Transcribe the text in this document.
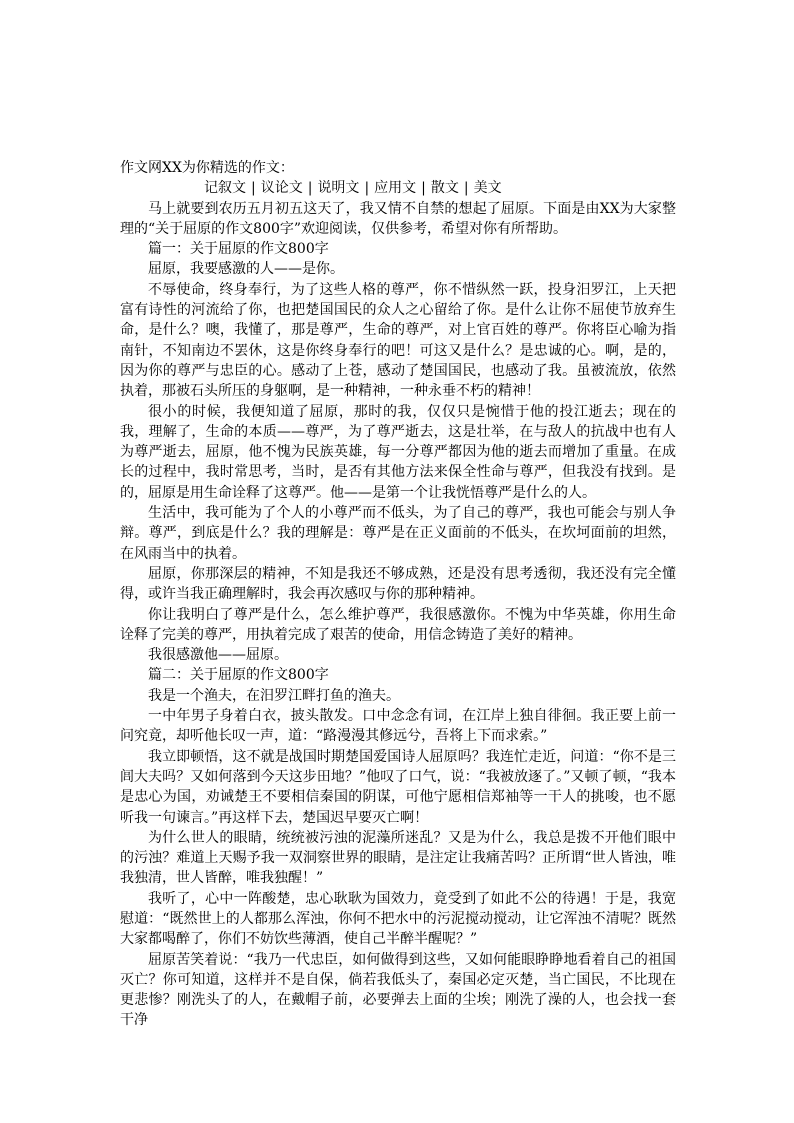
作文网XX为你精选的作文：

记叙文 | 议论文 | 说明文 | 应用文 | 散文 | 美文

马上就要到农历五月初五这天了，我又情不自禁的想起了屈原。下面是由XX为大家整理的“关于屈原的作文800字”欢迎阅读，仅供参考，希望对你有所帮助。

篇一：关于屈原的作文800字

屈原，我要感激的人——是你。

不辱使命，终身奉行，为了这些人格的尊严，你不惜纵然一跃，投身汨罗江，上天把富有诗性的河流给了你，也把楚国国民的众人之心留给了你。是什么让你不屈使节放弃生命，是什么？噢，我懂了，那是尊严，生命的尊严，对上官百姓的尊严。你将臣心喻为指南针，不知南边不罢休，这是你终身奉行的吧！可这又是什么？是忠诚的心。啊，是的，因为你的尊严与忠臣的心。感动了上苍，感动了楚国国民，也感动了我。虽被流放，依然执着，那被石头所压的身躯啊，是一种精神，一种永垂不朽的精神！

很小的时候，我便知道了屈原，那时的我，仅仅只是惋惜于他的投江逝去；现在的我，理解了，生命的本质——尊严，为了尊严逝去，这是壮举，在与敌人的抗战中也有人为尊严逝去，屈原，他不愧为民族英雄，每一分尊严都因为他的逝去而增加了重量。在成长的过程中，我时常思考，当时，是否有其他方法来保全性命与尊严，但我没有找到。是的，屈原是用生命诠释了这尊严。他——是第一个让我恍悟尊严是什么的人。

生活中，我可能为了个人的小尊严而不低头，为了自己的尊严，我也可能会与别人争辩。尊严，到底是什么？我的理解是：尊严是在正义面前的不低头，在坎坷面前的坦然，在风雨当中的执着。

屈原，你那深层的精神，不知是我还不够成熟，还是没有思考透彻，我还没有完全懂得，或许当我正确理解时，我会再次感叹与你的那种精神。

你让我明白了尊严是什么，怎么维护尊严，我很感激你。不愧为中华英雄，你用生命诠释了完美的尊严，用执着完成了艰苦的使命，用信念铸造了美好的精神。

我很感激他——屈原。

篇二：关于屈原的作文800字

我是一个渔夫，在汨罗江畔打鱼的渔夫。

一中年男子身着白衣，披头散发。口中念念有词，在江岸上独自徘徊。我正要上前一问究竟，却听他长叹一声，道：“路漫漫其修远兮，吾将上下而求索。”

我立即顿悟，这不就是战国时期楚国爱国诗人屈原吗？我连忙走近，问道：“你不是三闾大夫吗？又如何落到今天这步田地？”他叹了口气，说：“我被放逐了。”又顿了顿，“我本是忠心为国，劝诫楚王不要相信秦国的阴谋，可他宁愿相信郑袖等一干人的挑唆，也不愿听我一句谏言。”再这样下去，楚国迟早要灭亡啊！

为什么世人的眼睛，统统被污浊的泥藻所迷乱？又是为什么，我总是拨不开他们眼中的污浊？难道上天赐予我一双洞察世界的眼睛，是注定让我痛苦吗？正所谓“世人皆浊，唯我独清，世人皆醉，唯我独醒！”

我听了，心中一阵酸楚，忠心耿耿为国效力，竟受到了如此不公的待遇！于是，我宽慰道：“既然世上的人都那么浑浊，你何不把水中的污泥搅动搅动，让它浑浊不清呢？既然大家都喝醉了，你们不妨饮些薄酒，使自己半醉半醒呢？”

屈原苦笑着说：“我乃一代忠臣，如何做得到这些，又如何能眼睁睁地看着自己的祖国灭亡？你可知道，这样并不是自保，倘若我低头了，秦国必定灭楚，当亡国民，不比现在更悲惨？刚洗头了的人，在戴帽子前，必要弹去上面的尘埃；刚洗了澡的人，也会找一套干净
